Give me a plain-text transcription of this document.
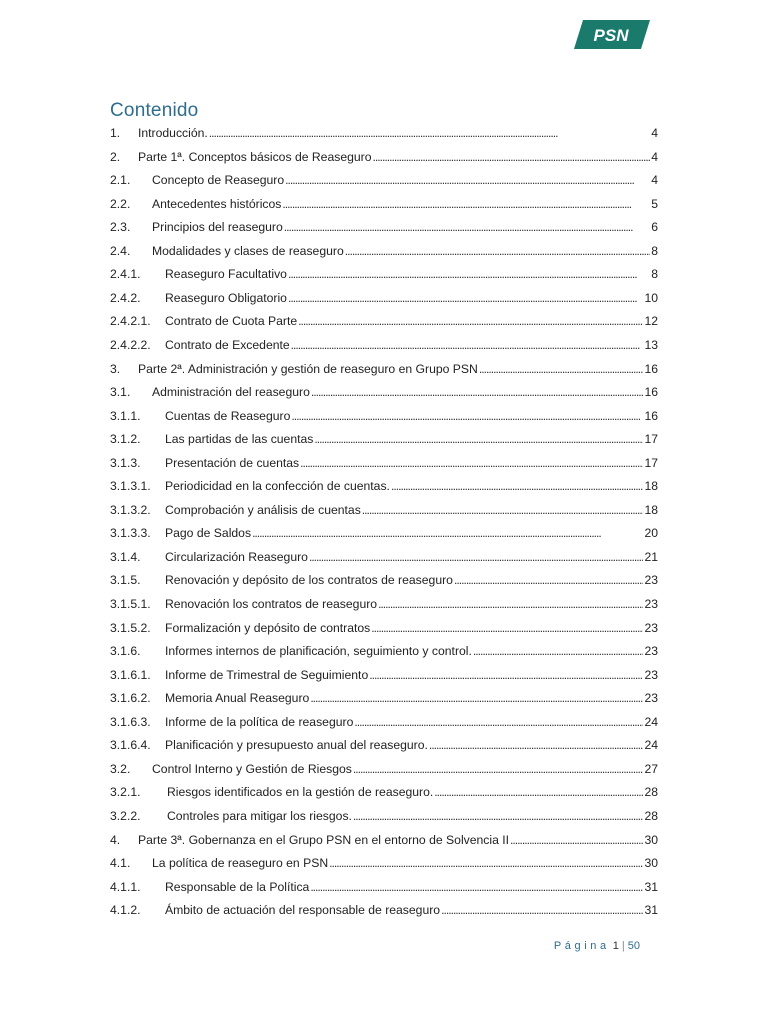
PSN
Contenido
1.	Introducción. . . .	4
2.	Parte 1ª. Conceptos básicos de Reaseguro . . .	4
2.1.	Concepto de Reaseguro . . .	4
2.2.	Antecedentes históricos . . .	5
2.3.	Principios del reaseguro . . .	6
2.4.	Modalidades y clases de reaseguro . . .	8
2.4.1.	Reaseguro Facultativo . . .	8
2.4.2.	Reaseguro Obligatorio . . .	10
2.4.2.1.	Contrato de Cuota Parte . . .	12
2.4.2.2.	Contrato de Excedente . . .	13
3.	Parte 2ª. Administración y gestión de reaseguro en Grupo PSN . . .	16
3.1.	Administración del reaseguro . . .	16
3.1.1.	Cuentas de Reaseguro . . .	16
3.1.2.	Las partidas de las cuentas . . .	17
3.1.3.	Presentación de cuentas . . .	17
3.1.3.1.	Periodicidad en la confección de cuentas. . . .	18
3.1.3.2.	Comprobación y análisis de cuentas . . .	18
3.1.3.3.	Pago de Saldos . . .	20
3.1.4.	Circularización Reaseguro . . .	21
3.1.5.	Renovación y depósito de los contratos de reaseguro . . .	23
3.1.5.1.	Renovación los contratos de reaseguro . . .	23
3.1.5.2.	Formalización y depósito de contratos . . .	23
3.1.6.	Informes internos de planificación, seguimiento y control. . . .	23
3.1.6.1.	Informe de Trimestral de Seguimiento . . .	23
3.1.6.2.	Memoria Anual Reaseguro . . .	23
3.1.6.3.	Informe de la política de reaseguro . . .	24
3.1.6.4.	Planificación y presupuesto anual del reaseguro. . . .	24
3.2.	Control Interno y Gestión de Riesgos . . .	27
3.2.1.	Riesgos identificados en la gestión de reaseguro. . . .	28
3.2.2.	Controles para mitigar los riesgos. . . .	28
4.	Parte 3ª. Gobernanza en el Grupo PSN en el entorno de Solvencia II . . .	30
4.1.	La política de reaseguro en PSN . . .	30
4.1.1.	Responsable de la Política . . .	31
4.1.2.	Ámbito de actuación del responsable de reaseguro . . .	31
Página 1 | 50
